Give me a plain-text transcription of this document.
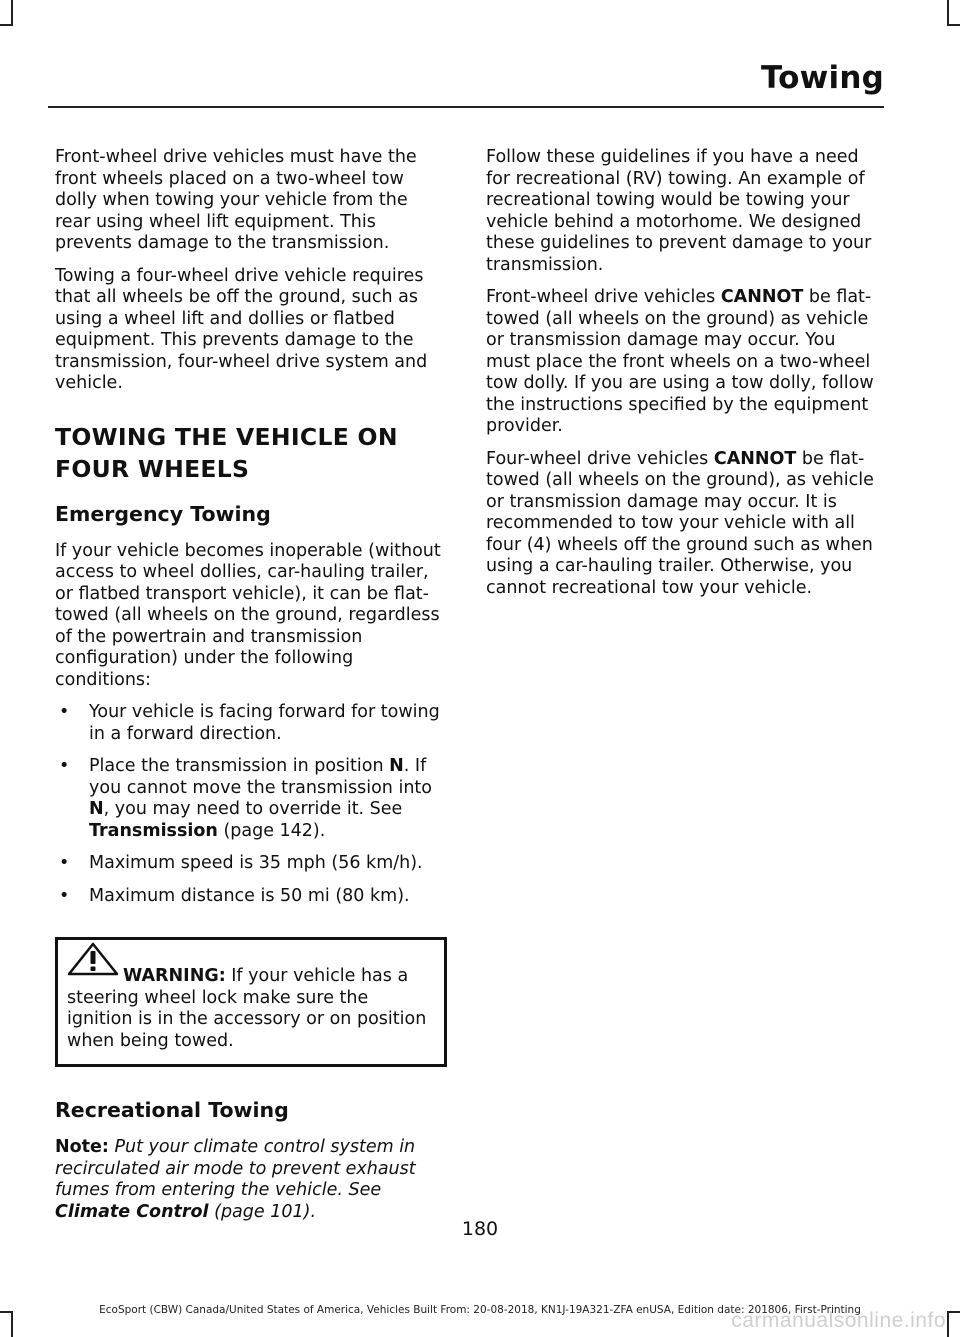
Towing

Front-wheel drive vehicles must have the front wheels placed on a two-wheel tow dolly when towing your vehicle from the rear using wheel lift equipment. This prevents damage to the transmission.

Towing a four-wheel drive vehicle requires that all wheels be off the ground, such as using a wheel lift and dollies or flatbed equipment. This prevents damage to the transmission, four-wheel drive system and vehicle.

TOWING THE VEHICLE ON FOUR WHEELS
Emergency Towing

If your vehicle becomes inoperable (without access to wheel dollies, car-hauling trailer, or flatbed transport vehicle), it can be flat-towed (all wheels on the ground, regardless of the powertrain and transmission configuration) under the following conditions:

• Your vehicle is facing forward for towing in a forward direction.
• Place the transmission in position N. If you cannot move the transmission into N, you may need to override it. See Transmission (page 142).
• Maximum speed is 35 mph (56 km/h).
• Maximum distance is 50 mi (80 km).
WARNING: If your vehicle has a steering wheel lock make sure the ignition is in the accessory or on position when being towed.
Recreational Towing

Note: Put your climate control system in recirculated air mode to prevent exhaust fumes from entering the vehicle. See Climate Control (page 101).

Follow these guidelines if you have a need for recreational (RV) towing. An example of recreational towing would be towing your vehicle behind a motorhome. We designed these guidelines to prevent damage to your transmission.

Front-wheel drive vehicles CANNOT be flat-towed (all wheels on the ground) as vehicle or transmission damage may occur. You must place the front wheels on a two-wheel tow dolly. If you are using a tow dolly, follow the instructions specified by the equipment provider.

Four-wheel drive vehicles CANNOT be flat-towed (all wheels on the ground), as vehicle or transmission damage may occur. It is recommended to tow your vehicle with all four (4) wheels off the ground such as when using a car-hauling trailer. Otherwise, you cannot recreational tow your vehicle.

180
EcoSport (CBW) Canada/United States of America, Vehicles Built From: 20-08-2018, KN1J-19A321-ZFA enUSA, Edition date: 201806, First-Printing
carmanualsonline.info
